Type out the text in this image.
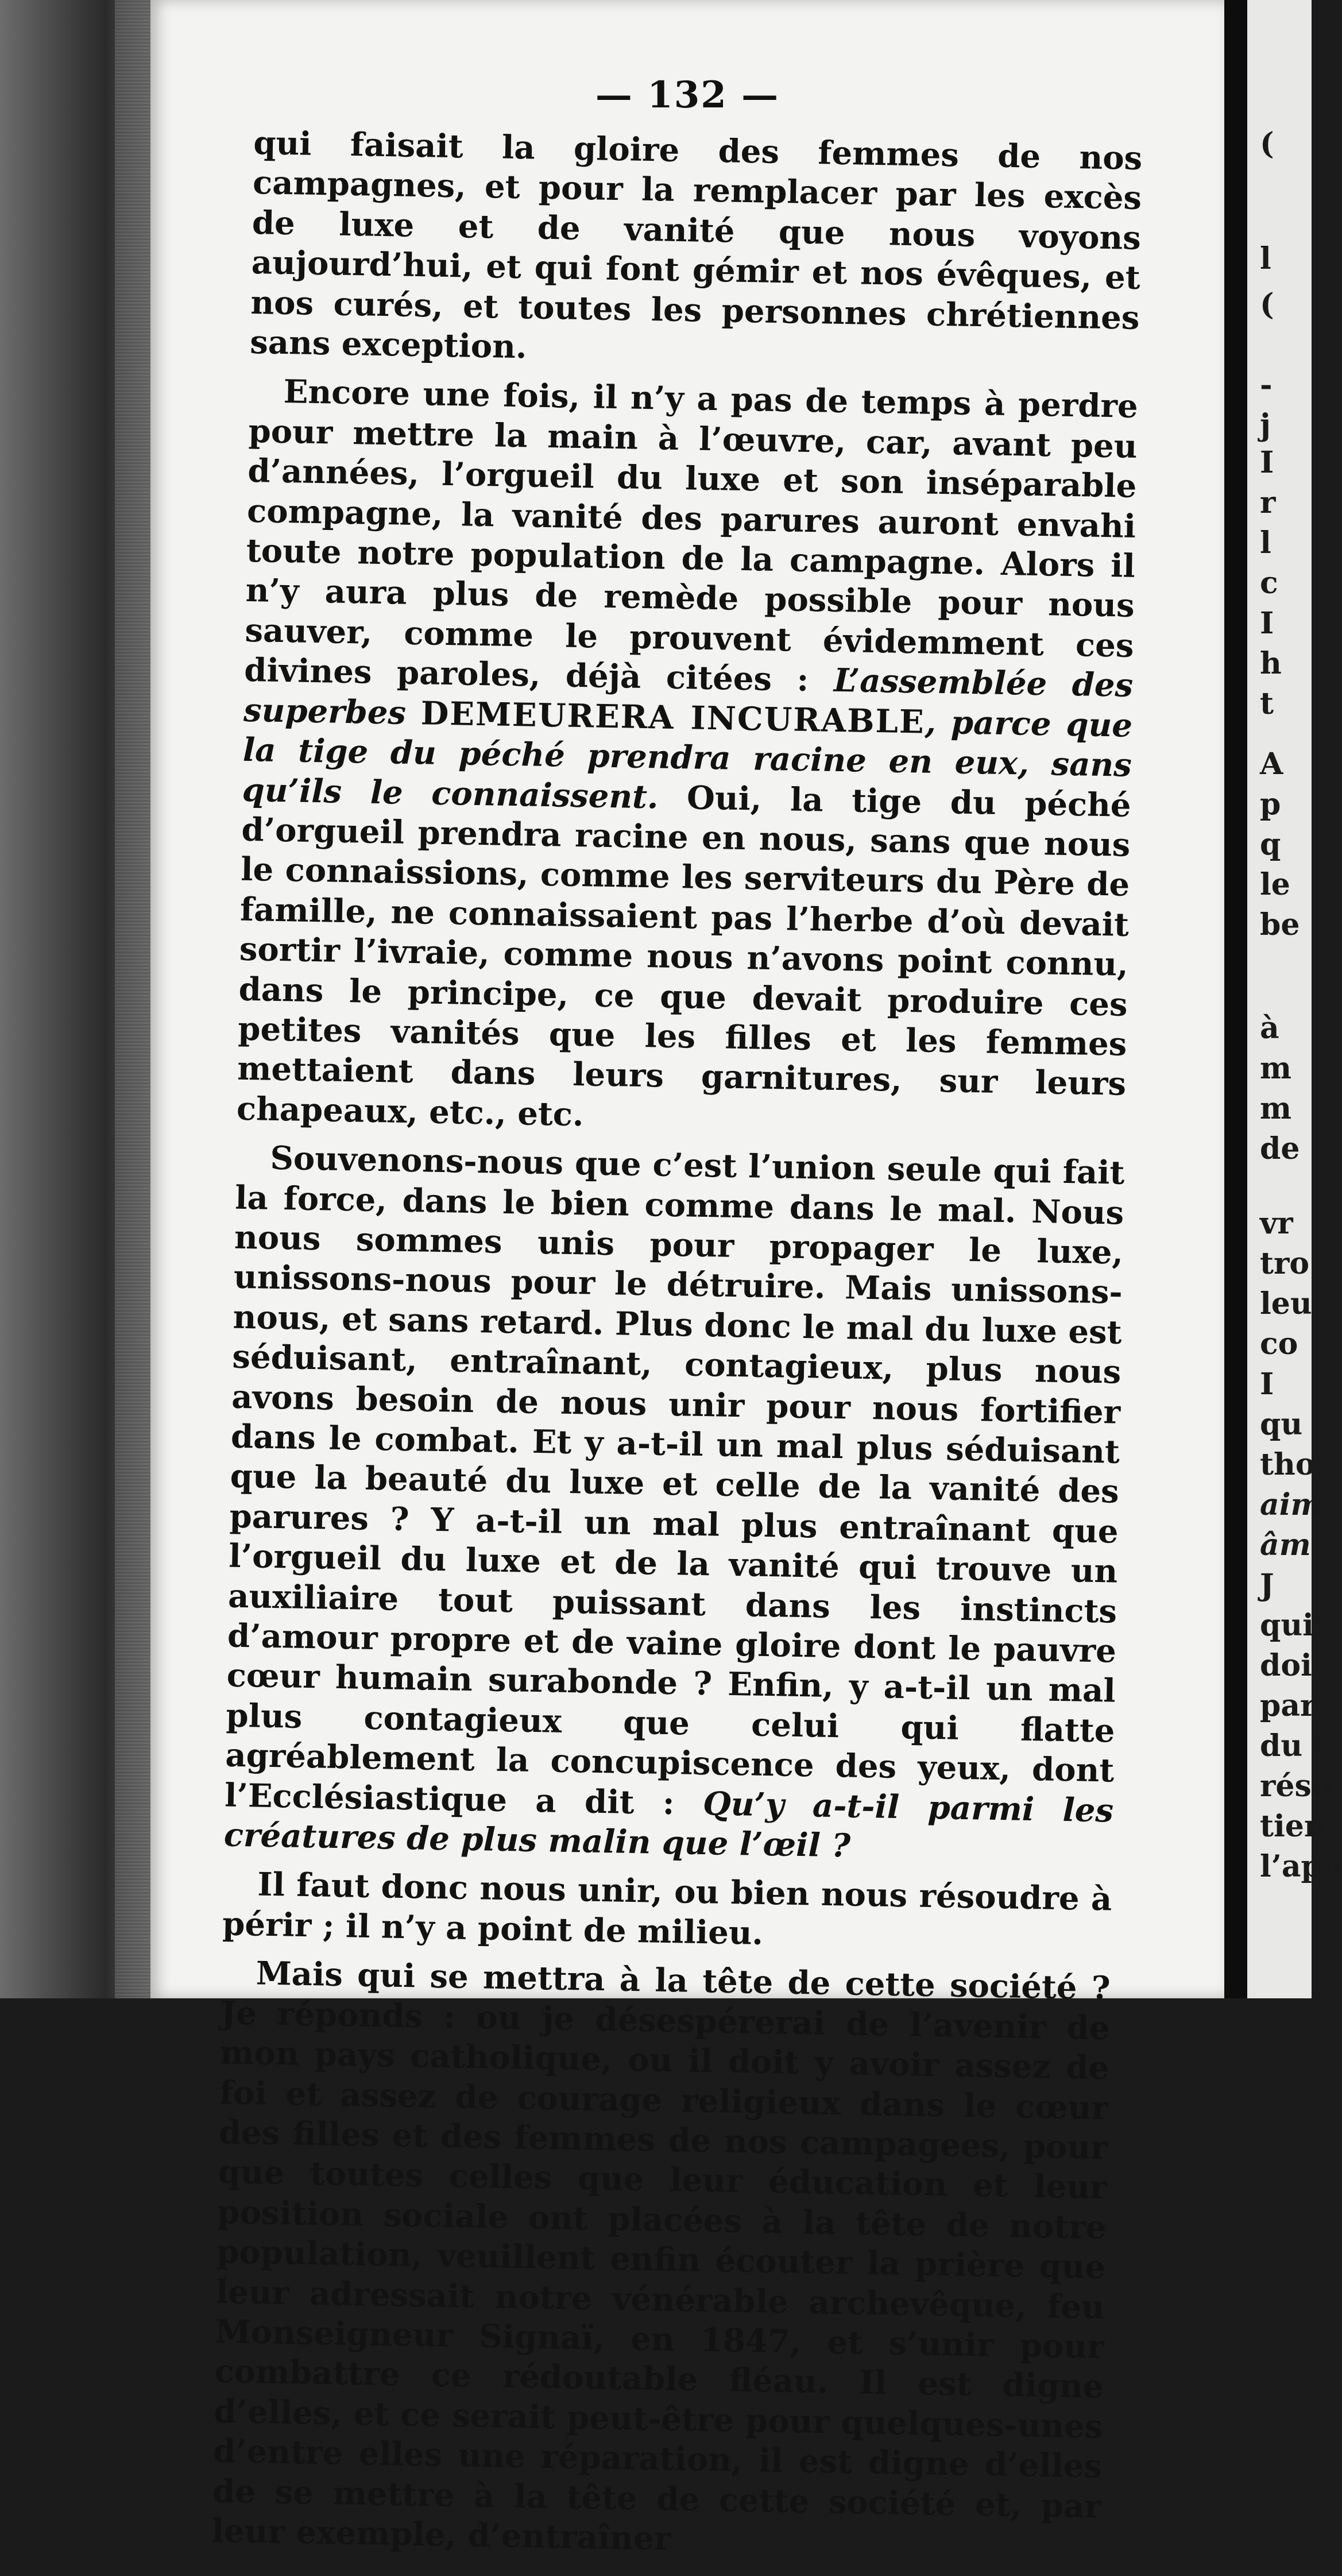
— 132 —

qui faisait la gloire des femmes de nos campagnes, et pour la remplacer par les excès de luxe et de vanité que nous voyons aujourd’hui, et qui font gémir et nos évêques, et nos curés, et toutes les personnes chrétiennes sans exception.

Encore une fois, il n’y a pas de temps à perdre pour mettre la main à l’œuvre, car, avant peu d’années, l’orgueil du luxe et son inséparable compagne, la vanité des parures auront envahi toute notre population de la campagne. Alors il n’y aura plus de remède possible pour nous sauver, comme le prouvent évidemment ces divines paroles, déjà citées : L’assemblée des superbes DEMEURERA INCURABLE, parce que la tige du péché prendra racine en eux, sans qu’ils le connaissent. Oui, la tige du péché d’orgueil prendra racine en nous, sans que nous le connaissions, comme les serviteurs du Père de famille, ne connaissaient pas l’herbe d’où devait sortir l’ivraie, comme nous n’avons point connu, dans le principe, ce que devait produire ces petites vanités que les filles et les femmes mettaient dans leurs garnitures, sur leurs chapeaux, etc., etc.

Souvenons-nous que c’est l’union seule qui fait la force, dans le bien comme dans le mal. Nous nous sommes unis pour propager le luxe, unissons-nous pour le détruire. Mais unissons-nous, et sans retard. Plus donc le mal du luxe est séduisant, entraînant, contagieux, plus nous avons besoin de nous unir pour nous fortifier dans le combat. Et y a-t-il un mal plus séduisant que la beauté du luxe et celle de la vanité des parures ? Y a-t-il un mal plus entraînant que l’orgueil du luxe et de la vanité qui trouve un auxiliaire tout puissant dans les instincts d’amour propre et de vaine gloire dont le pauvre cœur humain surabonde ? Enfin, y a-t-il un mal plus contagieux que celui qui flatte agréablement la concupiscence des yeux, dont l’Ecclésiastique a dit : Qu’y a-t-il parmi les créatures de plus malin que l’œil ?

Il faut donc nous unir, ou bien nous résoudre à périr ; il n’y a point de milieu.

Mais qui se mettra à la tête de cette société ? Je réponds : ou je désespérerai de l’avenir de mon pays catholique, ou il doit y avoir assez de foi et assez de courage religieux dans le cœur des filles et des femmes de nos campagees, pour que toutes celles que leur éducation et leur position sociale ont placées à la tête de notre population, veuillent enfin écouter la prière que leur adressait notre vénérable archevêque, feu Monseigneur Signaï, en 1847, et s’unir pour combattre ce rédoutable fléau. Il est digne d’elles, et ce serait peut-être pour quelques-unes d’entre elles une réparation, il est digne d’elles de se mettre à la tête de cette société et, par leur exemple, d’entraîner

(
l
(
-
j
I
r
l
c
I
h
t
A
p
q
le
be
à
m
m
de
vr
tro
leu
co
I
qu
tho
aim
âm
J
qui
doi
par
du s
réso
tien
l’apo
